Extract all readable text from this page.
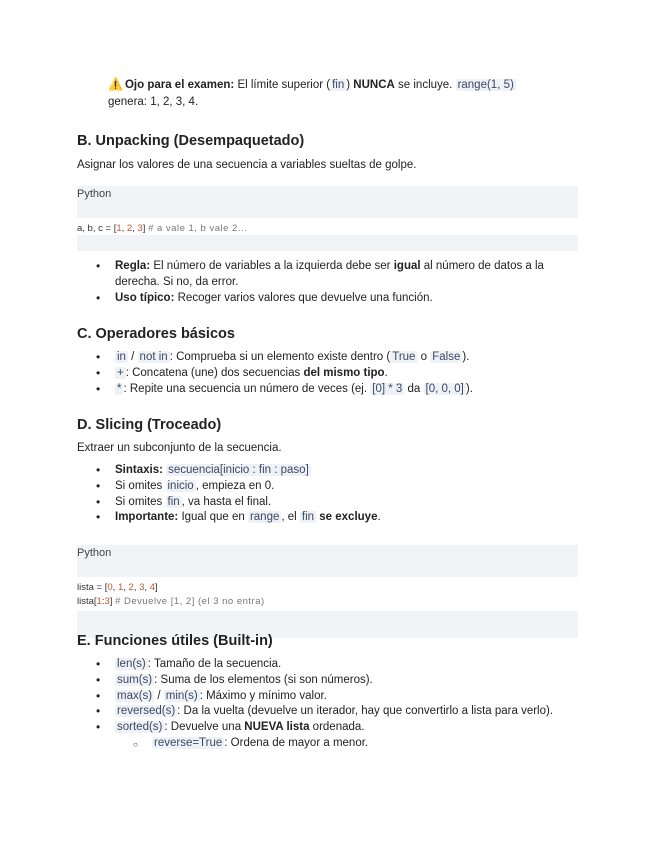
⚠️ Ojo para el examen: El límite superior ( fin ) NUNCA se incluye. range(1, 5)
genera: 1, 2, 3, 4.
B. Unpacking (Desempaquetado)

Asignar los valores de una secuencia a variables sueltas de golpe.

Python
a, b, c = [1, 2, 3] # a vale 1, b vale 2...
• Regla: El número de variables a la izquierda debe ser igual al número de datos a la derecha. Si no, da error.
• Uso típico: Recoger varios valores que devuelve una función.
C. Operadores básicos
• in / not in : Comprueba si un elemento existe dentro ( True o False ).
• + : Concatena (une) dos secuencias del mismo tipo.
• * : Repite una secuencia un número de veces (ej. [0] * 3 da [0, 0, 0] ).
D. Slicing (Troceado)

Extraer un subconjunto de la secuencia.

• Sintaxis: secuencia[inicio : fin : paso]
• Si omites inicio , empieza en 0.
• Si omites fin , va hasta el final.
• Importante: Igual que en range , el fin se excluye.
Python
lista = [0, 1, 2, 3, 4]
lista[1:3] # Devuelve [1, 2] (el 3 no entra)
E. Funciones útiles (Built-in)
• len(s) : Tamaño de la secuencia.
• sum(s) : Suma de los elementos (si son números).
• max(s) / min(s) : Máximo y mínimo valor.
• reversed(s) : Da la vuelta (devuelve un iterador, hay que convertirlo a lista para verlo).
• sorted(s) : Devuelve una NUEVA lista ordenada.
○ reverse=True : Ordena de mayor a menor.
